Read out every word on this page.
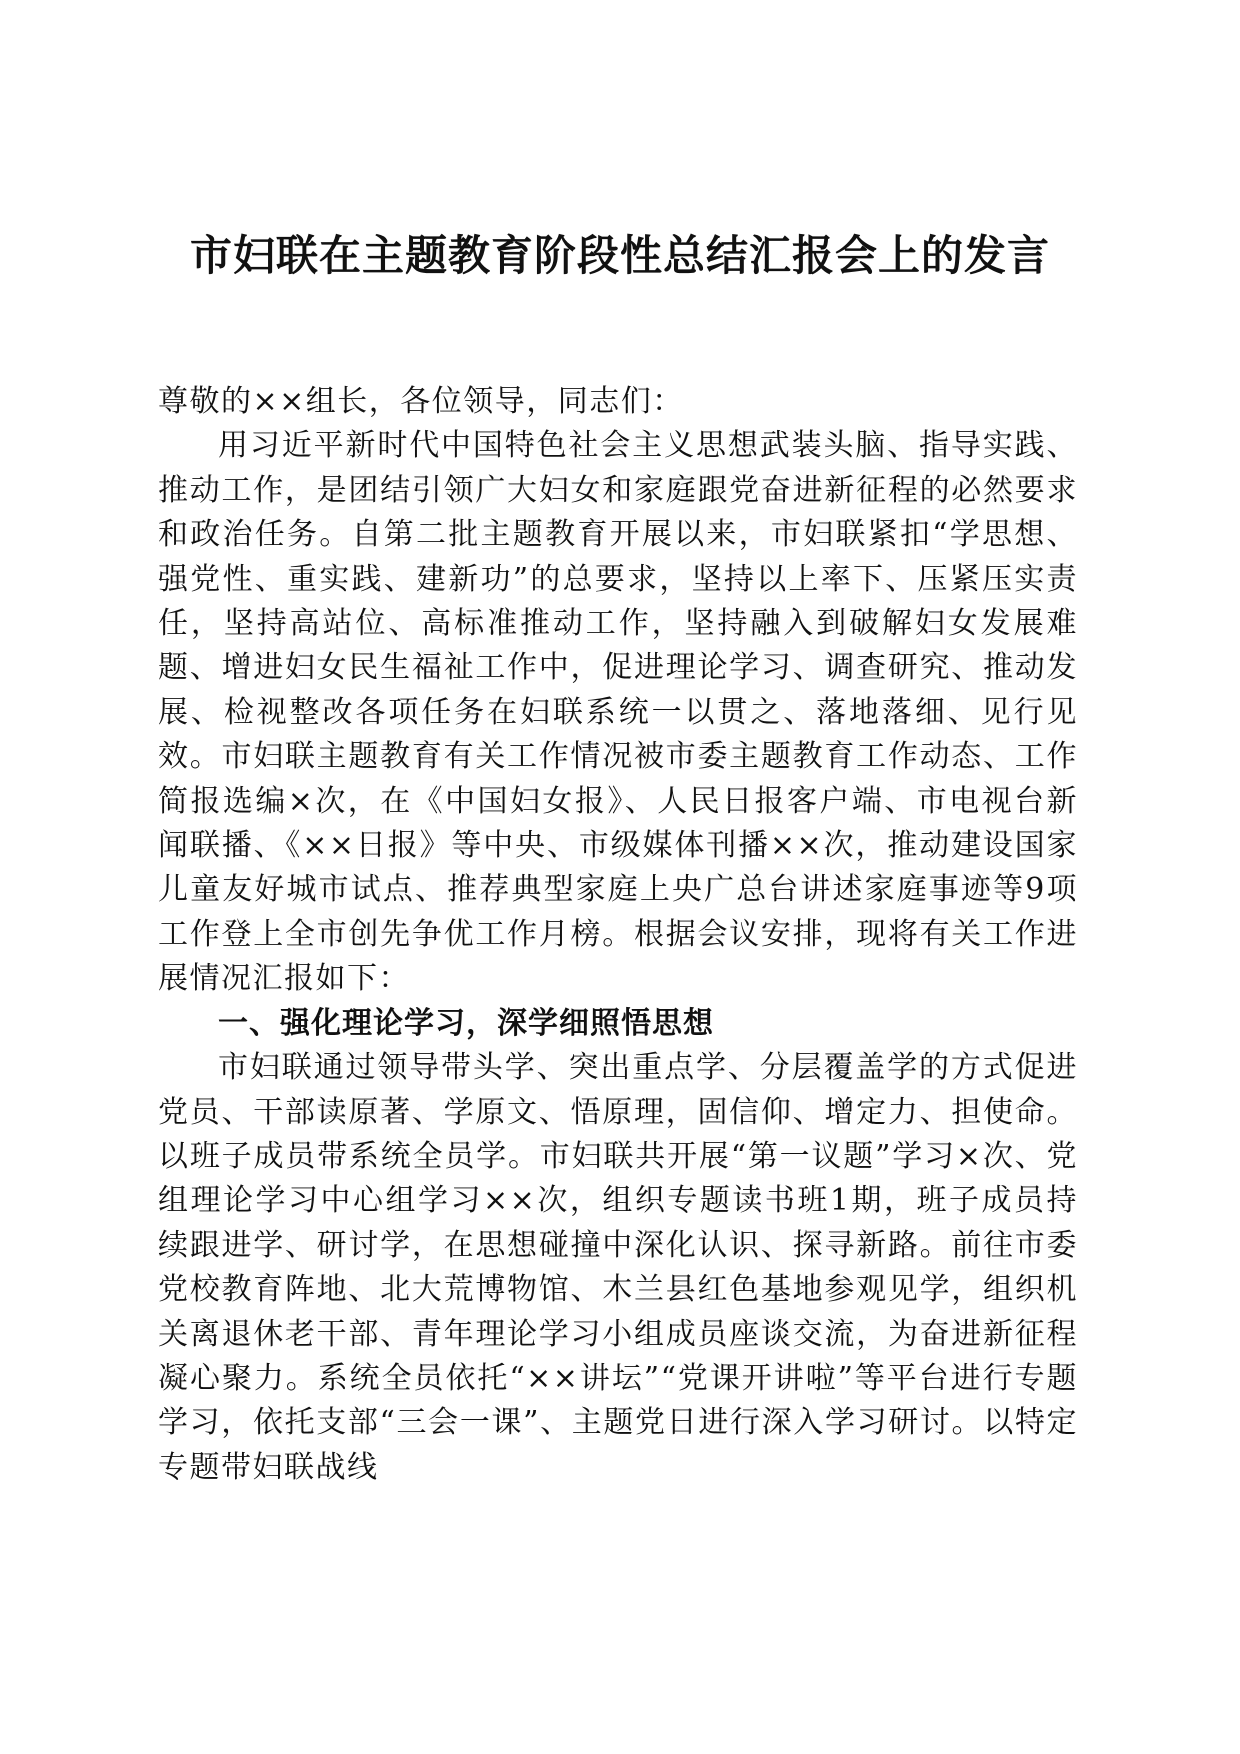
市妇联在主题教育阶段性总结汇报会上的发言

尊敬的××组长，各位领导，同志们：

用习近平新时代中国特色社会主义思想武装头脑、指导实践、推动工作，是团结引领广大妇女和家庭跟党奋进新征程的必然要求和政治任务。自第二批主题教育开展以来，市妇联紧扣“学思想、强党性、重实践、建新功”的总要求，坚持以上率下、压紧压实责任，坚持高站位、高标准推动工作，坚持融入到破解妇女发展难题、增进妇女民生福祉工作中，促进理论学习、调查研究、推动发展、检视整改各项任务在妇联系统一以贯之、落地落细、见行见效。市妇联主题教育有关工作情况被市委主题教育工作动态、工作简报选编×次，在《中国妇女报》、人民日报客户端、市电视台新闻联播、《××日报》等中央、市级媒体刊播××次，推动建设国家儿童友好城市试点、推荐典型家庭上央广总台讲述家庭事迹等9项工作登上全市创先争优工作月榜。根据会议安排，现将有关工作进展情况汇报如下：

一、强化理论学习，深学细照悟思想

市妇联通过领导带头学、突出重点学、分层覆盖学的方式促进党员、干部读原著、学原文、悟原理，固信仰、增定力、担使命。以班子成员带系统全员学。市妇联共开展“第一议题”学习×次、党组理论学习中心组学习××次，组织专题读书班1期，班子成员持续跟进学、研讨学，在思想碰撞中深化认识、探寻新路。前往市委党校教育阵地、北大荒博物馆、木兰县红色基地参观见学，组织机关离退休老干部、青年理论学习小组成员座谈交流，为奋进新征程凝心聚力。系统全员依托“××讲坛”“党课开讲啦”等平台进行专题学习，依托支部“三会一课”、主题党日进行深入学习研讨。以特定专题带妇联战线
